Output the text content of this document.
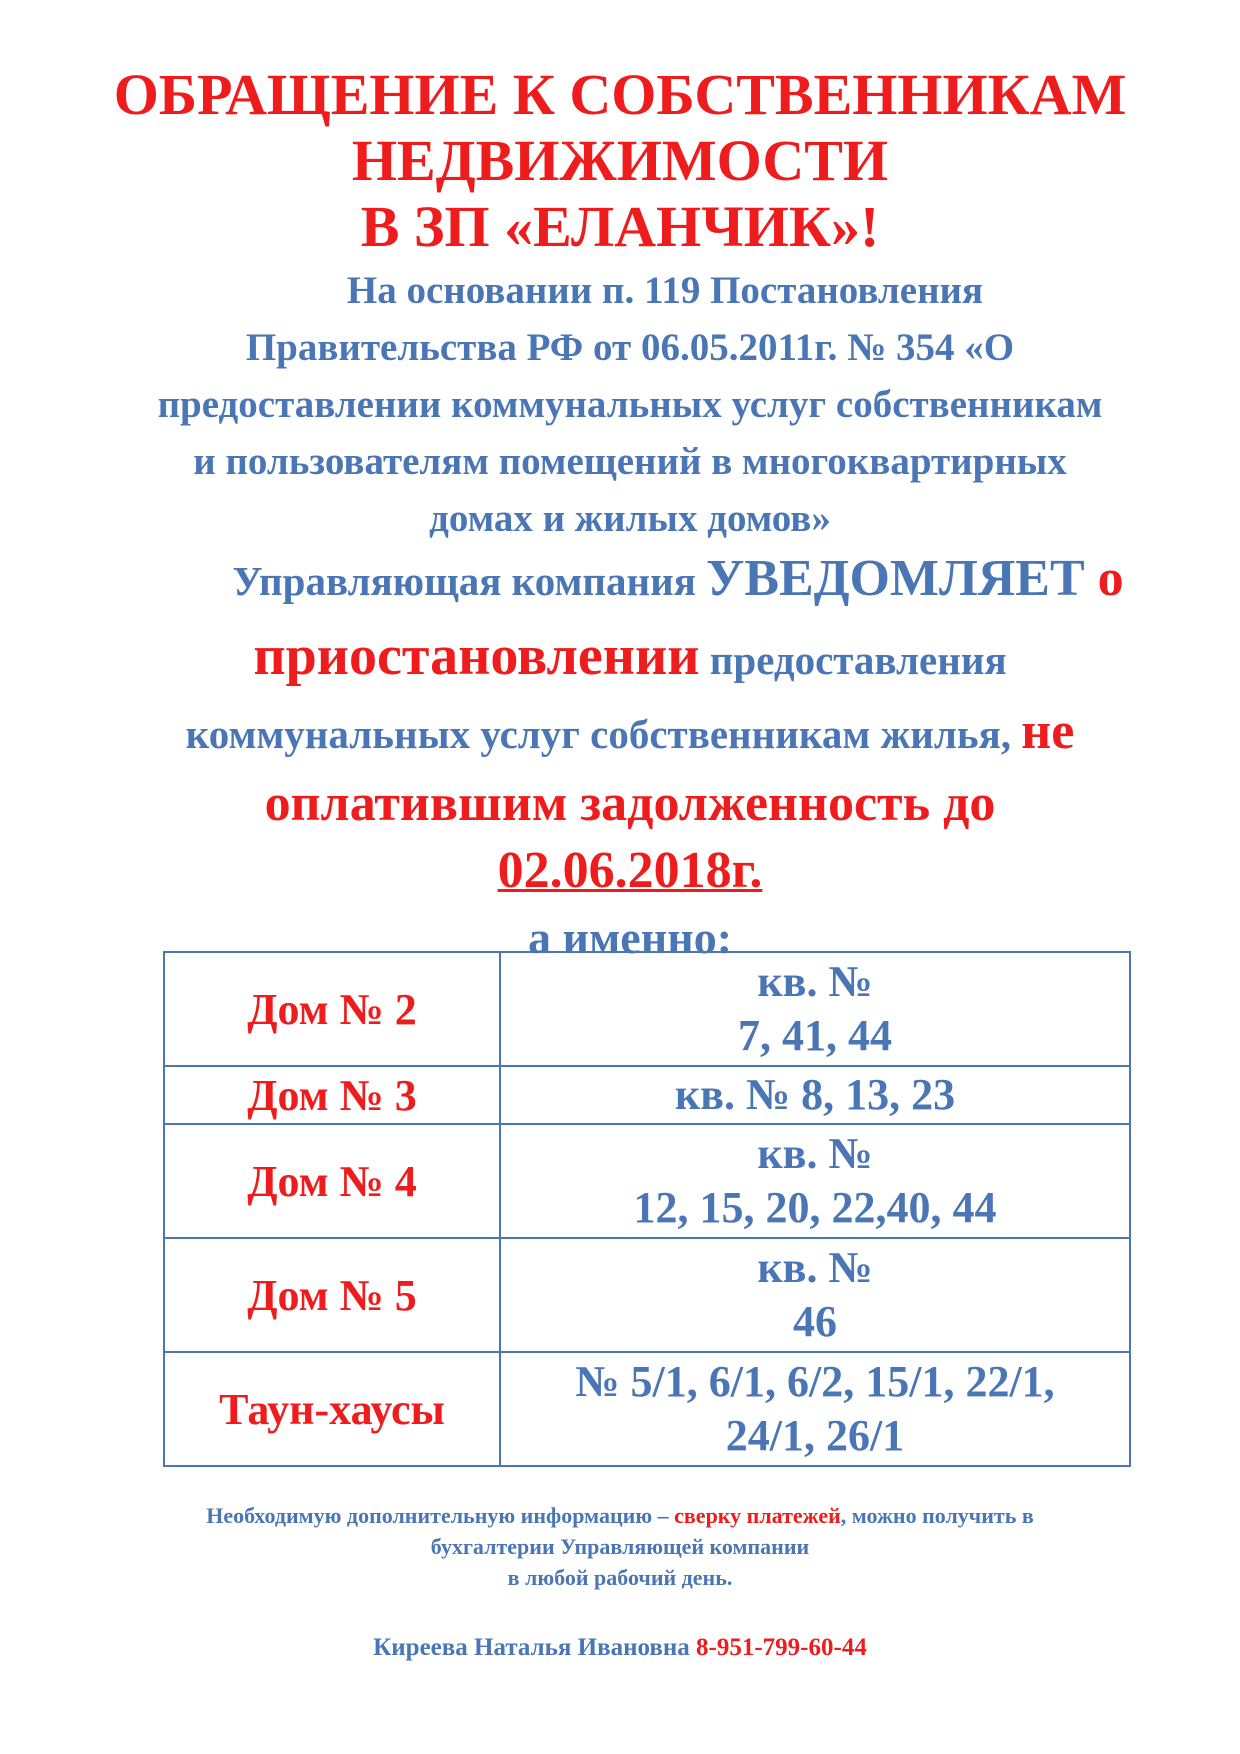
ОБРАЩЕНИЕ К СОБСТВЕННИКАМ
НЕДВИЖИМОСТИ
В ЗП «ЕЛАНЧИК»!
На основании п. 119 Постановления
Правительства РФ от 06.05.2011г. № 354 «О
предоставлении коммунальных услуг собственникам
и пользователям помещений в многоквартирных
домах и жилых домов»
Управляющая компания УВЕДОМЛЯЕТ о
приостановлении предоставления
коммунальных услуг собственникам жилья, не
оплатившим задолженность до
02.06.2018г.
а именно:
Дом № 2	кв. №
7, 41, 44

Дом № 3	кв. № 8, 13, 23

Дом № 4	кв. №
12, 15, 20, 22,40, 44

Дом № 5	кв. №
46

Таун-хаусы	№ 5/1, 6/1, 6/2, 15/1, 22/1,
24/1, 26/1
Необходимую дополнительную информацию – сверку платежей, можно получить в
бухгалтерии Управляющей компании
в любой рабочий день.
Киреева Наталья Ивановна 8-951-799-60-44
